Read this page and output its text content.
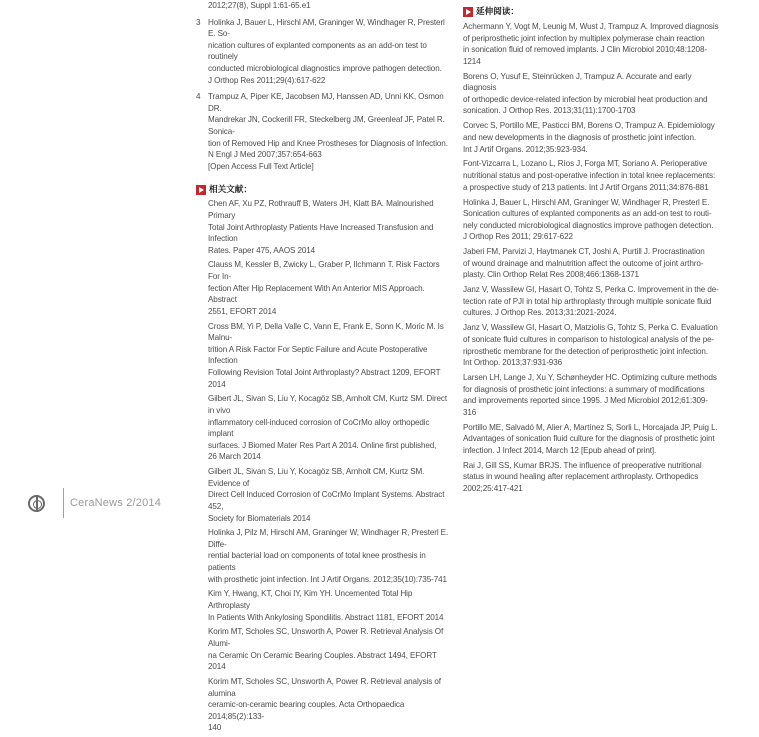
2012;27(8), Suppl 1:61-65.e1
3 Holinka J, Bauer L, Hirschl AM, Graninger W, Windhager R, Presterl E. So-
nication cultures of explanted components as an add-on test to routinely
conducted microbiological diagnostics improve pathogen detection.
J Orthop Res 2011;29(4):617-622
4 Trampuz A, Piper KE, Jacobsen MJ, Hanssen AD, Unni KK, Osmon DR.
Mandrekar JN, Cockerill FR, Steckelberg JM, Greenleaf JF, Patel R. Sonica-
tion of Removed Hip and Knee Prostheses for Diagnosis of Infection.
N Engl J Med 2007;357:654-663
[Open Access Full Text Article]
相关文献：
Chen AF, Xu PZ, Rothrauff B, Waters JH, Klatt BA. Malnourished Primary
Total Joint Arthroplasty Patients Have Increased Transfusion and Infection
Rates. Paper 475, AAOS 2014
Clauss M, Kessler B, Zwicky L, Graber P, Ilchmann T. Risk Factors For In-
fection After Hip Replacement With An Anterior MIS Approach. Abstract
2551, EFORT 2014
Cross BM, Yi P, Della Valle C, Vann E, Frank E, Sonn K, Moric M. Is Malnu-
trition A Risk Factor For Septic Failure and Acute Postoperative Infection
Following Revision Total Joint Arthroplasty? Abstract 1209, EFORT 2014
Gilbert JL, Sivan S, Liu Y, Kocagöz SB, Arnholt CM, Kurtz SM. Direct in vivo
inflammatory cell-induced corrosion of CoCrMo alloy orthopedic implant
surfaces. J Biomed Mater Res Part A 2014. Online first published,
26 March 2014
Gilbert JL, Sivan S, Liu Y, Kocagöz SB, Arnholt CM, Kurtz SM. Evidence of
Direct Cell Induced Corrosion of CoCrMo Implant Systems. Abstract 452,
Society for Biomaterials 2014
Holinka J, Pilz M, Hirschl AM, Graninger W, Windhager R, Presterl E. Diffe-
rential bacterial load on components of total knee prosthesis in patients
with prosthetic joint infection. Int J Artif Organs. 2012;35(10):735-741
Kim Y, Hwang, KT, Choi IY, Kim YH. Uncemented Total Hip Arthroplasty
In Patients With Ankylosing Spondilitis. Abstract 1181, EFORT 2014
Korim MT, Scholes SC, Unsworth A, Power R. Retrieval Analysis Of Alumi-
na Ceramic On Ceramic Bearing Couples. Abstract 1494, EFORT 2014
Korim MT, Scholes SC, Unsworth A, Power R. Retrieval analysis of alumina
ceramic-on-ceramic bearing couples. Acta Orthopaedica 2014;85(2):133-
140
延伸阅读：
Achermann Y, Vogt M, Leunig M, Wust J, Trampuz A. Improved diagnosis
of periprosthetic joint infection by multiplex polymerase chain reaction
in sonication fluid of removed implants. J Clin Microbiol 2010;48:1208-
1214
Borens O, Yusuf E, Steinrücken J, Trampuz A. Accurate and early diagnosis
of orthopedic device-related infection by microbial heat production and
sonication. J Orthop Res. 2013;31(11):1700-1703
Corvec S, Portillo ME, Pasticci BM, Borens O, Trampuz A. Epidemiology
and new developments in the diagnosis of prosthetic joint infection.
Int J Artif Organs. 2012;35:923-934.
Font-Vizcarra L, Lozano L, Ríos J, Forga MT, Soriano A. Perioperative
nutritional status and post-operative infection in total knee replacements:
a prospective study of 213 patients. Int J Artif Organs 2011;34:876-881
Holinka J, Bauer L, Hirschl AM, Graninger W, Windhager R, Presterl E.
Sonication cultures of explanted components as an add-on test to routi-
nely conducted microbiological diagnostics improve pathogen detection.
J Orthop Res 2011; 29:617-622
Jaberi FM, Parvizi J, Haytmanek CT, Joshi A, Purtill J. Procrastination
of wound drainage and malnutrition affect the outcome of joint arthro-
plasty. Clin Orthop Relat Res 2008;466:1368-1371
Janz V, Wassilew GI, Hasart O, Tohtz S, Perka C. Improvement in the de-
tection rate of PJI in total hip arthroplasty through multiple sonicate fluid
cultures. J Orthop Res. 2013;31:2021-2024.
Janz V, Wassilew GI, Hasart O, Matziolis G, Tohtz S, Perka C. Evaluation
of sonicate fluid cultures in comparison to histological analysis of the pe-
riprosthetic membrane for the detection of periprosthetic joint infection.
Int Orthop. 2013;37:931-936
Larsen LH, Lange J, Xu Y, Schønheyder HC. Optimizing culture methods
for diagnosis of prosthetic joint infections: a summary of modifications
and improvements reported since 1995. J Med Microbiol 2012;61:309-
316
Portillo ME, Salvadó M, Alier A, Martínez S, Sorli L, Horcajada JP, Puig L.
Advantages of sonication fluid culture for the diagnosis of prosthetic joint
infection. J Infect 2014, March 12 [Epub ahead of print].
Rai J, Gill SS, Kumar BRJS. The influence of preoperative nutritional
status in wound healing after replacement arthroplasty. Orthopedics
2002;25:417-421
CeraNews 2/2014
